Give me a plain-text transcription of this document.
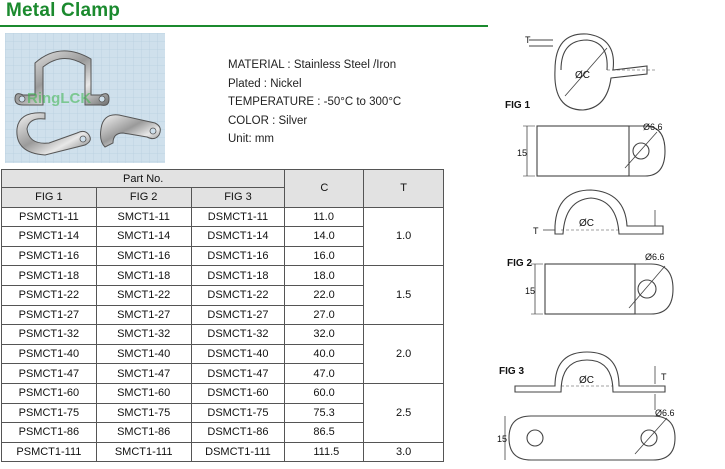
Metal Clamp
RingLCK
MATERIAL : Stainless Steel /Iron
Plated : Nickel
TEMPERATURE : -50°C to 300°C
COLOR : Silver
Unit: mm
Part No.			C	T
FIG 1	FIG 2	FIG 3		
PSMCT1-11	SMCT1-11	DSMCT1-11	11.0	1.0
PSMCT1-14	SMCT1-14	DSMCT1-14	14.0	
PSMCT1-16	SMCT1-16	DSMCT1-16	16.0	
PSMCT1-18	SMCT1-18	DSMCT1-18	18.0	1.5
PSMCT1-22	SMCT1-22	DSMCT1-22	22.0	
PSMCT1-27	SMCT1-27	DSMCT1-27	27.0	
PSMCT1-32	SMCT1-32	DSMCT1-32	32.0	2.0
PSMCT1-40	SMCT1-40	DSMCT1-40	40.0	
PSMCT1-47	SMCT1-47	DSMCT1-47	47.0	
PSMCT1-60	SMCT1-60	DSMCT1-60	60.0	2.5
PSMCT1-75	SMCT1-75	DSMCT1-75	75.3	
PSMCT1-86	SMCT1-86	DSMCT1-86	86.5	
PSMCT1-111	SMCT1-111	DSMCT1-111	111.5	3.0
FIG 1
T
ØC
Ø6.6
15
FIG 2
T
ØC
Ø6.6
15
FIG 3	T
ØC
Ø6.6
15
